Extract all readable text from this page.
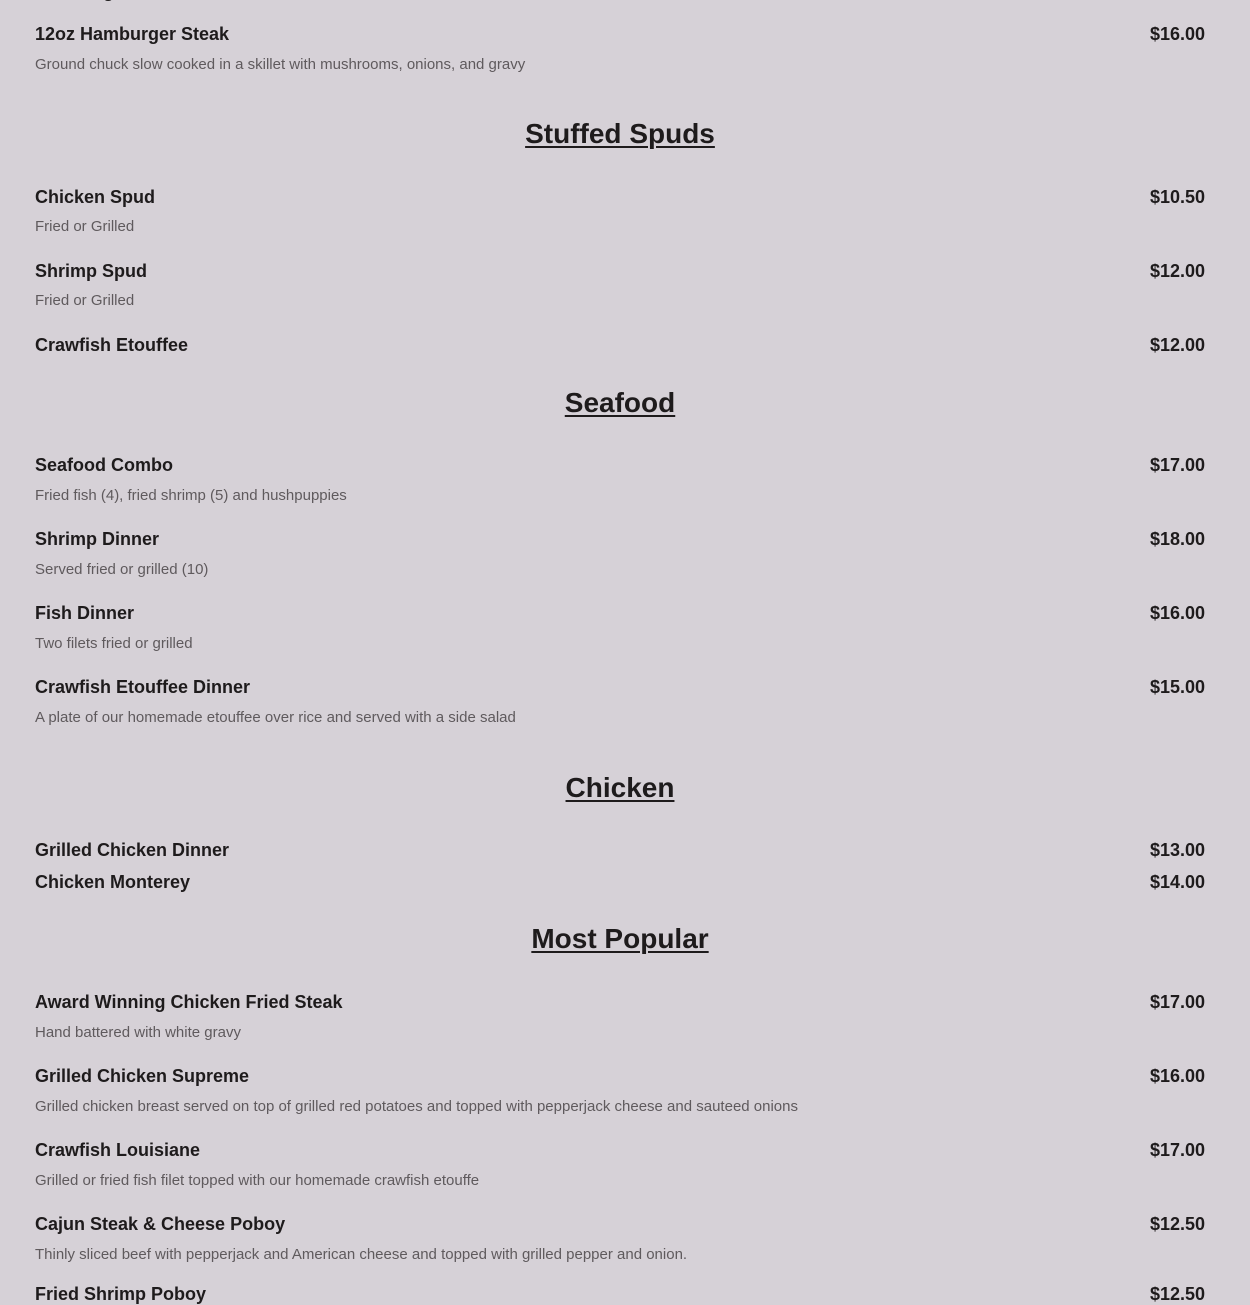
12oz Hamburger Steak	$16.00
Ground chuck slow cooked in a skillet with mushrooms, onions, and gravy
Stuffed Spuds
Chicken Spud	$10.50
Fried or Grilled
Shrimp Spud	$12.00
Fried or Grilled
Crawfish Etouffee	$12.00
Seafood
Seafood Combo	$17.00
Fried fish (4), fried shrimp (5) and hushpuppies
Shrimp Dinner	$18.00
Served fried or grilled (10)
Fish Dinner	$16.00
Two filets fried or grilled
Crawfish Etouffee Dinner	$15.00
A plate of our homemade etouffee over rice and served with a side salad
Chicken
Grilled Chicken Dinner	$13.00
Chicken Monterey	$14.00
Most Popular
Award Winning Chicken Fried Steak	$17.00
Hand battered with white gravy
Grilled Chicken Supreme	$16.00
Grilled chicken breast served on top of grilled red potatoes and topped with pepperjack cheese and sauteed onions
Crawfish Louisiane	$17.00
Grilled or fried fish filet topped with our homemade crawfish etouffe
Cajun Steak & Cheese Poboy	$12.50
Thinly sliced beef with pepperjack and American cheese and topped with grilled pepper and onion.
Fried Shrimp Poboy	$12.50
